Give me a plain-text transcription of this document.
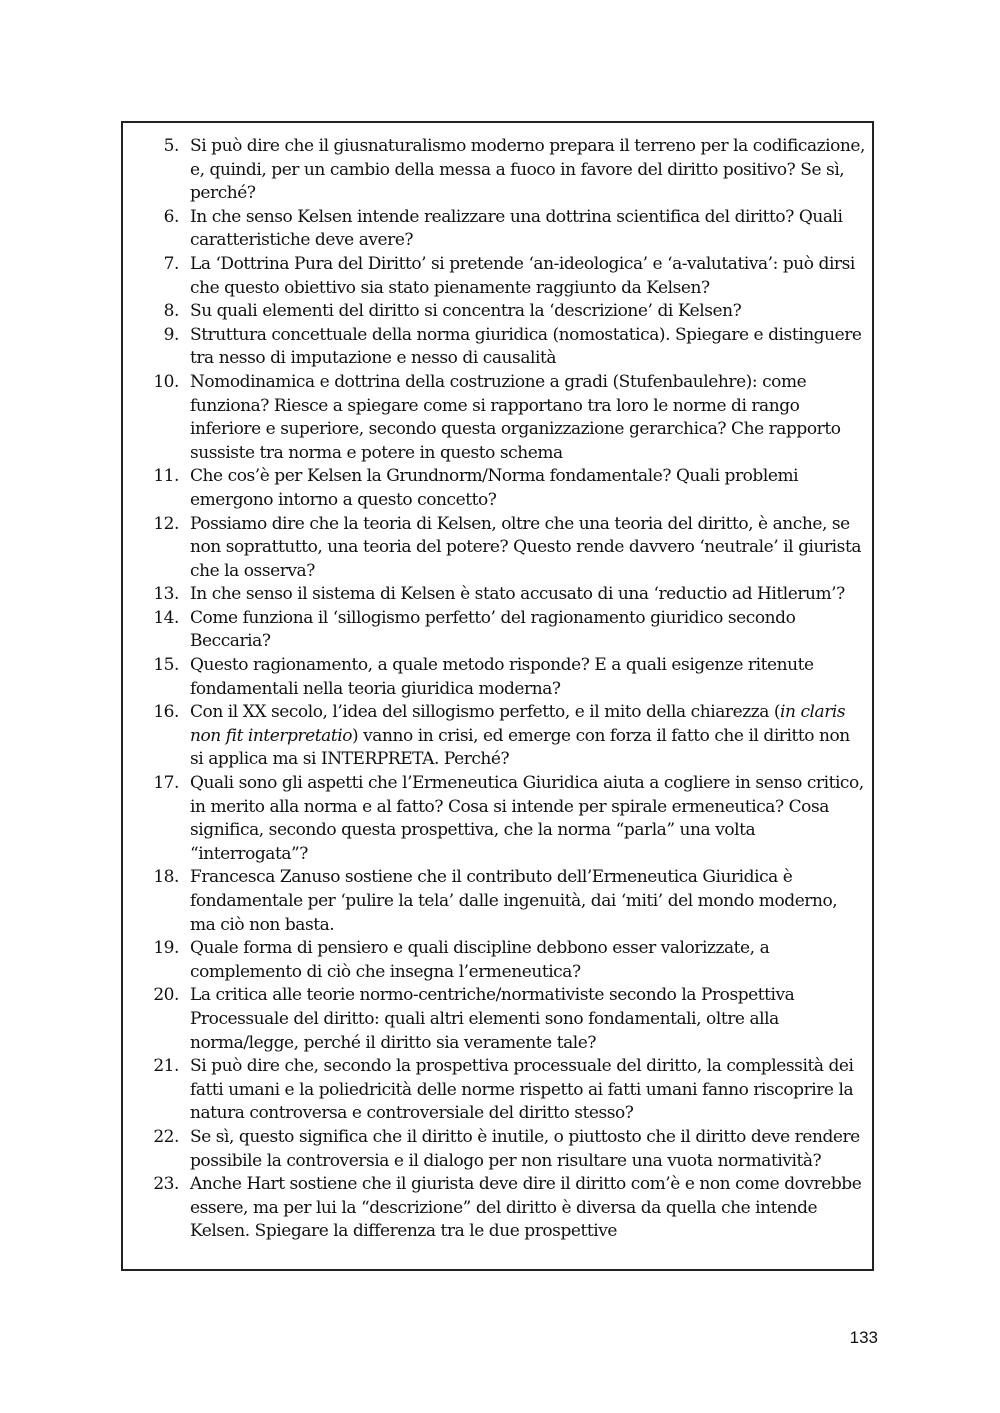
5. Si può dire che il giusnaturalismo moderno prepara il terreno per la codificazione, e, quindi, per un cambio della messa a fuoco in favore del diritto positivo? Se sì, perché?
6. In che senso Kelsen intende realizzare una dottrina scientifica del diritto? Quali caratteristiche deve avere?
7. La ‘Dottrina Pura del Diritto’ si pretende ‘an-ideologica’ e ‘a-valutativa’: può dirsi che questo obiettivo sia stato pienamente raggiunto da Kelsen?
8. Su quali elementi del diritto si concentra la ‘descrizione’ di Kelsen?
9. Struttura concettuale della norma giuridica (nomostatica). Spiegare e distinguere tra nesso di imputazione e nesso di causalità
10. Nomodinamica e dottrina della costruzione a gradi (Stufenbaulehre): come funziona? Riesce a spiegare come si rapportano tra loro le norme di rango inferiore e superiore, secondo questa organizzazione gerarchica? Che rapporto sussiste tra norma e potere in questo schema
11. Che cos’è per Kelsen la Grundnorm/Norma fondamentale? Quali problemi emergono intorno a questo concetto?
12. Possiamo dire che la teoria di Kelsen, oltre che una teoria del diritto, è anche, se non soprattutto, una teoria del potere? Questo rende davvero ‘neutrale’ il giurista che la osserva?
13. In che senso il sistema di Kelsen è stato accusato di una ‘reductio ad Hitlerum’?
14. Come funziona il ‘sillogismo perfetto’ del ragionamento giuridico secondo Beccaria?
15. Questo ragionamento, a quale metodo risponde? E a quali esigenze ritenute fondamentali nella teoria giuridica moderna?
16. Con il XX secolo, l’idea del sillogismo perfetto, e il mito della chiarezza (in claris non fit interpretatio) vanno in crisi, ed emerge con forza il fatto che il diritto non si applica ma si INTERPRETA. Perché?
17. Quali sono gli aspetti che l’Ermeneutica Giuridica aiuta a cogliere in senso critico, in merito alla norma e al fatto? Cosa si intende per spirale ermeneutica? Cosa significa, secondo questa prospettiva, che la norma “parla” una volta “interrogata”?
18. Francesca Zanuso sostiene che il contributo dell’Ermeneutica Giuridica è fondamentale per ‘pulire la tela’ dalle ingenuità, dai ‘miti’ del mondo moderno, ma ciò non basta.
19. Quale forma di pensiero e quali discipline debbono esser valorizzate, a complemento di ciò che insegna l’ermeneutica?
20. La critica alle teorie normo-centriche/normativiste secondo la Prospettiva Processuale del diritto: quali altri elementi sono fondamentali, oltre alla norma/legge, perché il diritto sia veramente tale?
21. Si può dire che, secondo la prospettiva processuale del diritto, la complessità dei fatti umani e la poliedricità delle norme rispetto ai fatti umani fanno riscoprire la natura controversa e controversiale del diritto stesso?
22. Se sì, questo significa che il diritto è inutile, o piuttosto che il diritto deve rendere possibile la controversia e il dialogo per non risultare una vuota normatività?
23. Anche Hart sostiene che il giurista deve dire il diritto com’è e non come dovrebbe essere, ma per lui la “descrizione” del diritto è diversa da quella che intende Kelsen. Spiegare la differenza tra le due prospettive
133
